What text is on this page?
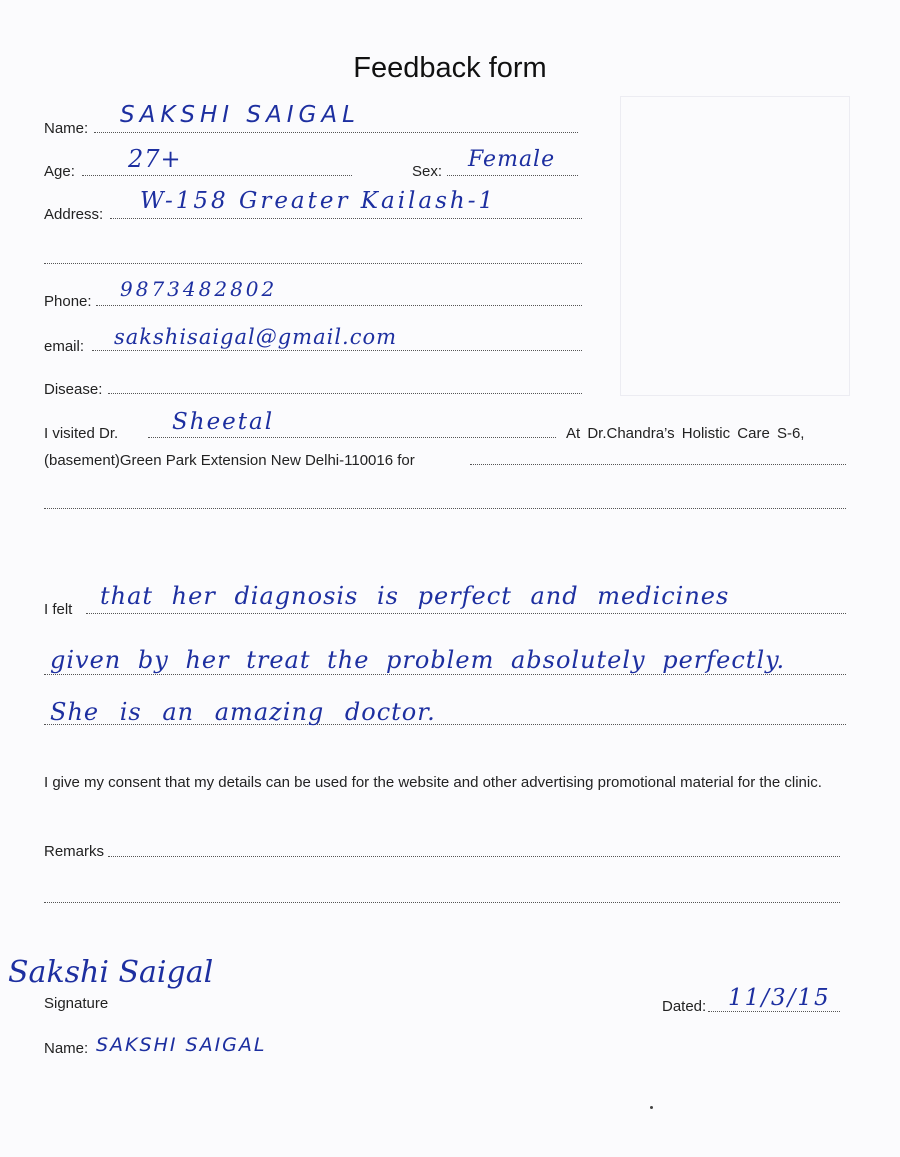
Feedback form
Name:
SAKSHI SAIGAL
Age: 27+	Sex: Female
Address:
W-158 Greater Kailash-1
Phone:
9873482802
email: sakshisaigal@gmail.com
Disease:
I visited Dr. Sheetal	At Dr.Chandra’s Holistic Care S-6,
(basement)Green Park Extension New Delhi-110016 for
I felt that her diagnosis is perfect and medicines
given by her treat the problem absolutely perfectly.
She is an amazing doctor.
I give my consent that my details can be used for the website and other advertising promotional material for the clinic.
Remarks
Sakshi Saigal
Signature	Dated: 11/3/15
Name: SAKSHI SAIGAL
